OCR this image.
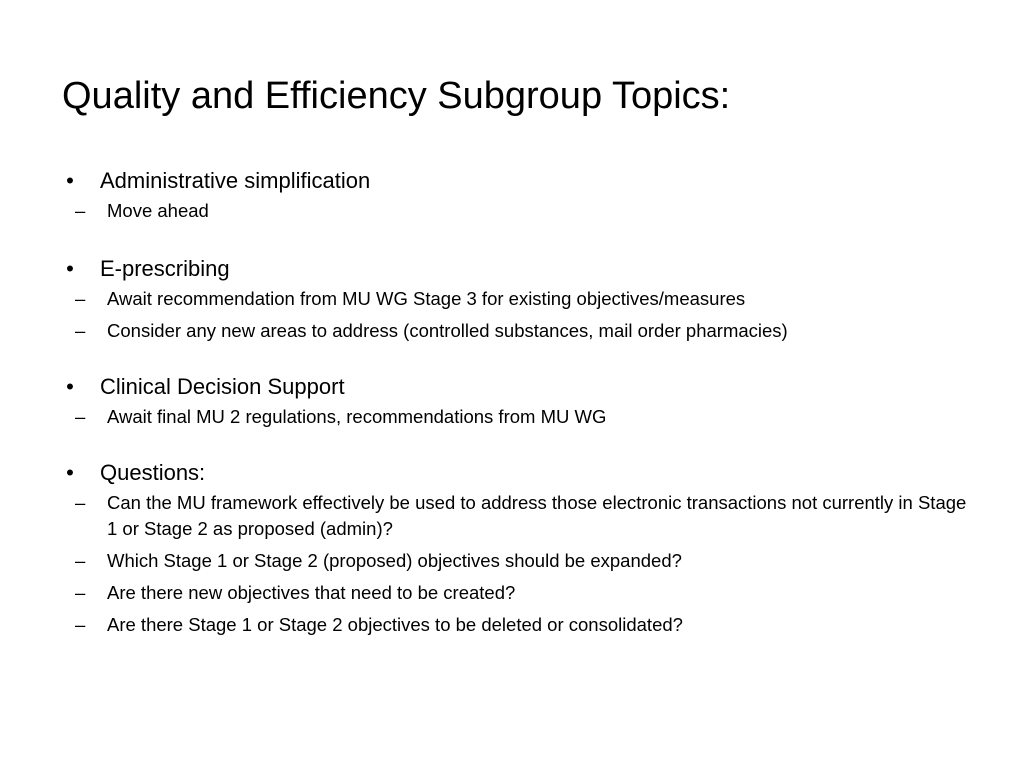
Quality and Efficiency Subgroup Topics:
• Administrative simplification
– Move ahead
• E-prescribing
– Await recommendation from MU WG Stage 3 for existing objectives/measures
– Consider any new areas to address (controlled substances, mail order pharmacies)
• Clinical Decision Support
– Await final MU 2 regulations, recommendations from MU WG
• Questions:
– Can the MU framework effectively be used to address those electronic transactions not currently in Stage 1 or Stage 2 as proposed (admin)?
– Which Stage 1 or Stage 2 (proposed) objectives should be expanded?
– Are there new objectives that need to be created?
– Are there Stage 1 or Stage 2 objectives to be deleted or consolidated?
